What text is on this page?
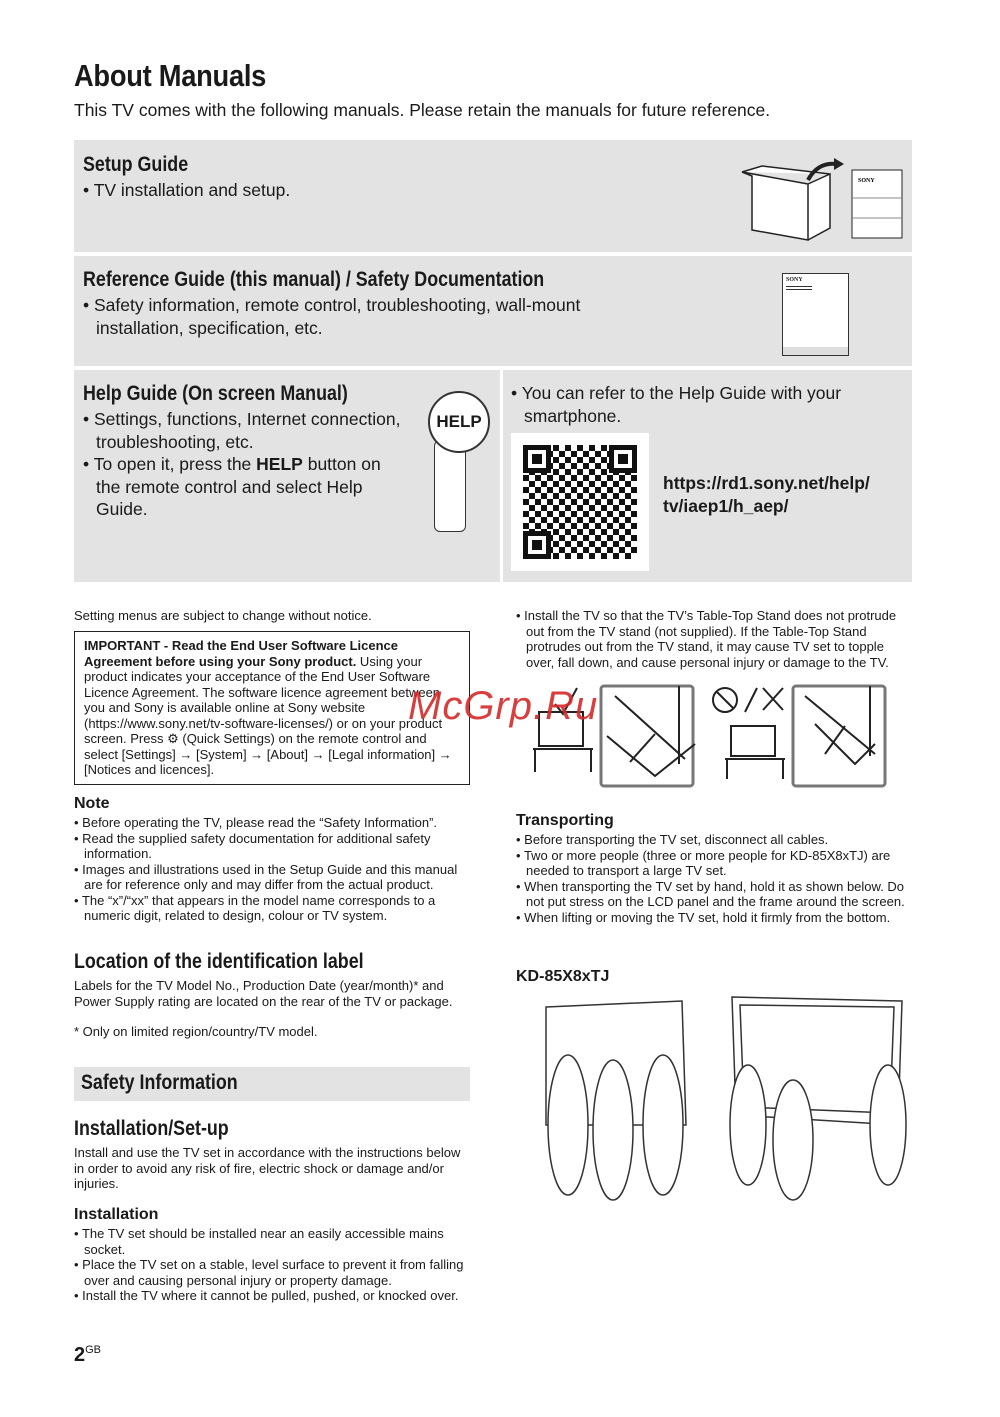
About Manuals
This TV comes with the following manuals. Please retain the manuals for future reference.
Setup Guide
• TV installation and setup.	SONY
Reference Guide (this manual) / Safety Documentation
• Safety information, remote control, troubleshooting, wall-mount installation, specification, etc.
SONY
Help Guide (On screen Manual)
• Settings, functions, Internet connection, troubleshooting, etc.
• To open it, press the HELP button on the remote control and select Help Guide.
HELP
• You can refer to the Help Guide with your smartphone.
https://rd1.sony.net/help/ tv/iaep1/h_aep/
Setting menus are subject to change without notice.
IMPORTANT - Read the End User Software Licence Agreement before using your Sony product. Using your product indicates your acceptance of the End User Software Licence Agreement. The software licence agreement between you and Sony is available online at Sony website (https://www.sony.net/tv-software-licenses/) or on your product screen. Press ⚙ (Quick Settings) on the remote control and select [Settings] → [System] → [About] → [Legal information] → [Notices and licences].
Note
• Before operating the TV, please read the “Safety Information”.
• Read the supplied safety documentation for additional safety information.
• Images and illustrations used in the Setup Guide and this manual are for reference only and may differ from the actual product.
• The “x”/“xx” that appears in the model name corresponds to a numeric digit, related to design, colour or TV system.
Location of the identification label
Labels for the TV Model No., Production Date (year/month)* and Power Supply rating are located on the rear of the TV or package.
* Only on limited region/country/TV model.
Safety Information
Installation/Set-up
Install and use the TV set in accordance with the instructions below in order to avoid any risk of fire, electric shock or damage and/or injuries.
Installation
• The TV set should be installed near an easily accessible mains socket.
• Place the TV set on a stable, level surface to prevent it from falling over and causing personal injury or property damage.
• Install the TV where it cannot be pulled, pushed, or knocked over.
• Install the TV so that the TV’s Table-Top Stand does not protrude out from the TV stand (not supplied). If the Table-Top Stand protrudes out from the TV stand, it may cause TV set to topple over, fall down, and cause personal injury or damage to the TV.
Transporting
• Before transporting the TV set, disconnect all cables.
• Two or more people (three or more people for KD-85X8xTJ) are needed to transport a large TV set.
• When transporting the TV set by hand, hold it as shown below. Do not put stress on the LCD panel and the frame around the screen.
• When lifting or moving the TV set, hold it firmly from the bottom.
KD-85X8xTJ
McGrp.Ru
$2^{GB}$
